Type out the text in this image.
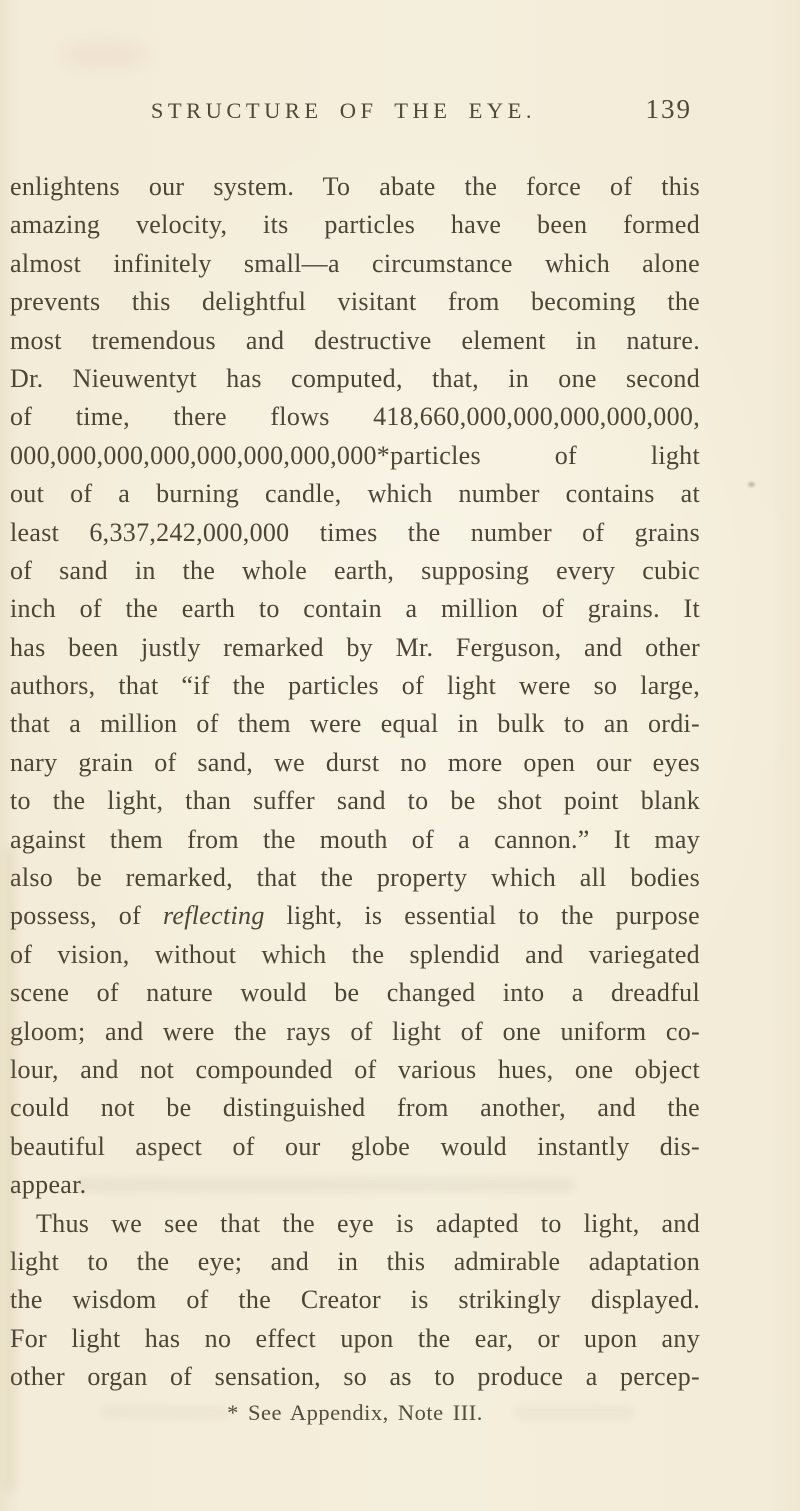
STRUCTURE OF THE EYE.	139
enlightens our system. To abate the force of this
amazing velocity, its particles have been formed
almost infinitely small—a circumstance which alone
prevents this delightful visitant from becoming the
most tremendous and destructive element in nature.
Dr. Nieuwentyt has computed, that, in one second
of time, there flows 418,660,000,000,000,000,000,
000,000,000,000,000,000,000,000*particles of light
out of a burning candle, which number contains at
least 6,337,242,000,000 times the number of grains
of sand in the whole earth, supposing every cubic
inch of the earth to contain a million of grains. It
has been justly remarked by Mr. Ferguson, and other
authors, that “if the particles of light were so large,
that a million of them were equal in bulk to an ordi-
nary grain of sand, we durst no more open our eyes
to the light, than suffer sand to be shot point blank
against them from the mouth of a cannon.” It may
also be remarked, that the property which all bodies
possess, of reflecting light, is essential to the purpose
of vision, without which the splendid and variegated
scene of nature would be changed into a dreadful
gloom; and were the rays of light of one uniform co-
lour, and not compounded of various hues, one object
could not be distinguished from another, and the
beautiful aspect of our globe would instantly dis-
appear.
Thus we see that the eye is adapted to light, and
light to the eye; and in this admirable adaptation
the wisdom of the Creator is strikingly displayed.
For light has no effect upon the ear, or upon any
other organ of sensation, so as to produce a percep-
* See Appendix, Note III.
